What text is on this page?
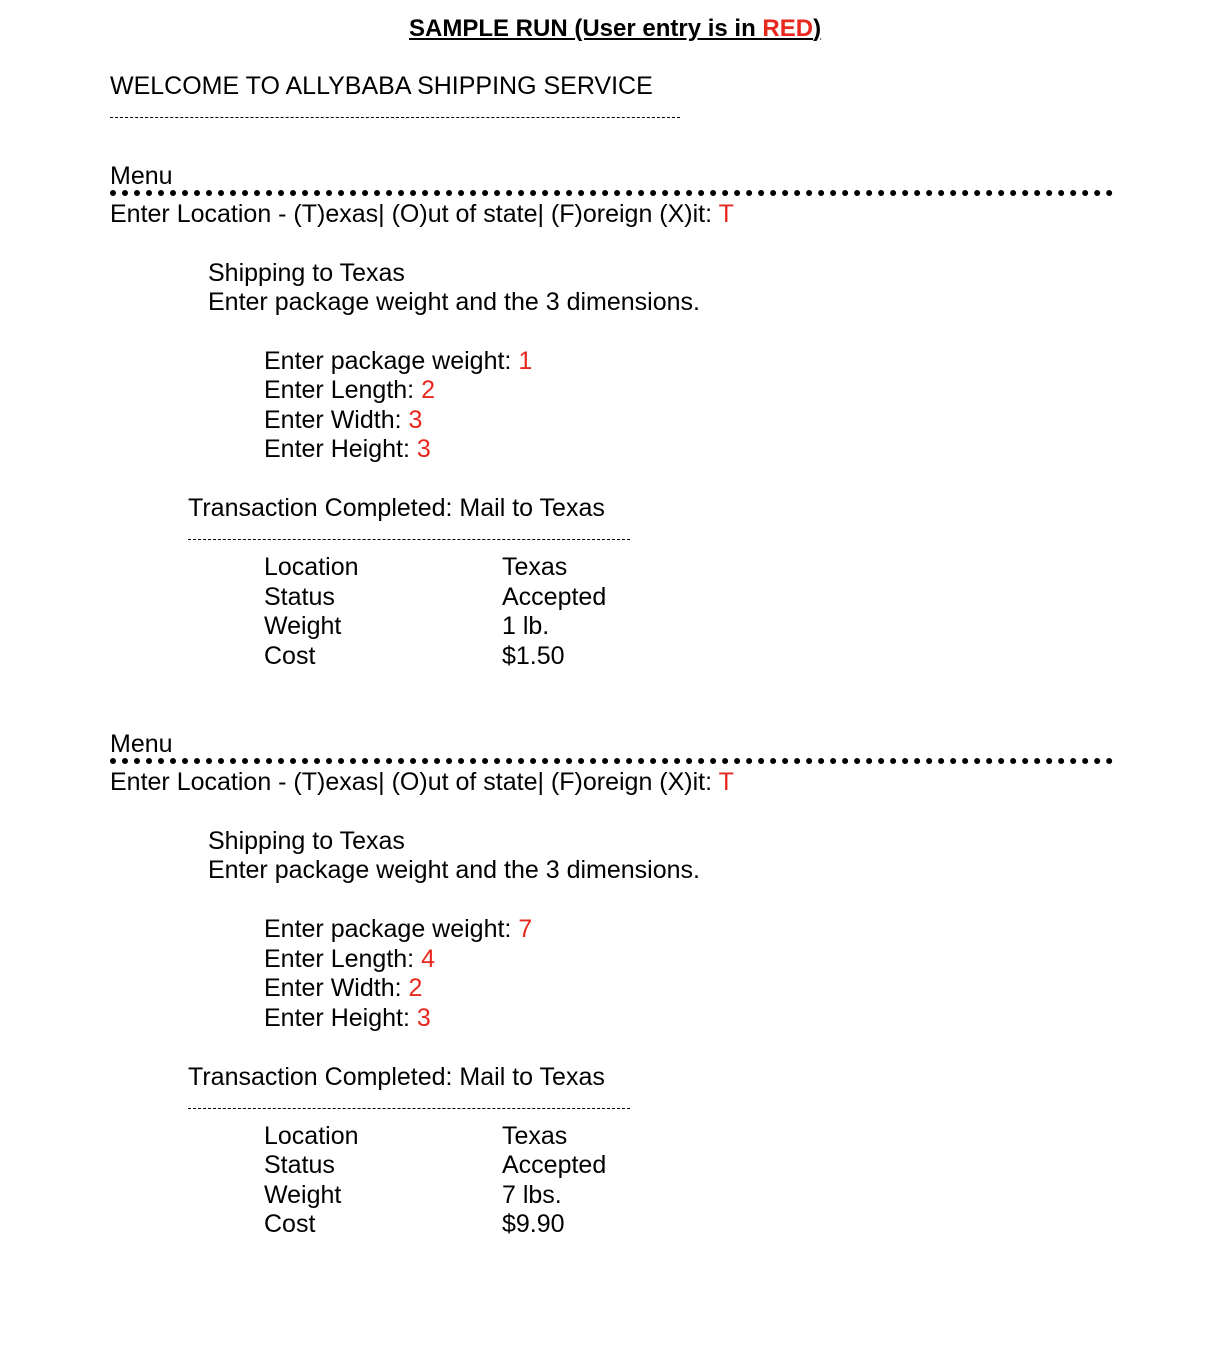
SAMPLE RUN (User entry is in RED)
WELCOME TO ALLYBABA SHIPPING SERVICE
Menu
Enter Location - (T)exas| (O)ut of state| (F)oreign (X)it: T
Shipping to Texas
Enter package weight and the 3 dimensions.
Enter package weight: 1
Enter Length: 2
Enter Width: 3
Enter Height: 3
Transaction Completed: Mail to Texas
Location	Texas
Status	Accepted
Weight	1 lb.
Cost	$1.50
Menu
Enter Location - (T)exas| (O)ut of state| (F)oreign (X)it: T
Shipping to Texas
Enter package weight and the 3 dimensions.
Enter package weight: 7
Enter Length: 4
Enter Width: 2
Enter Height: 3
Transaction Completed: Mail to Texas
Location	Texas
Status	Accepted
Weight	7 lbs.
Cost	$9.90
